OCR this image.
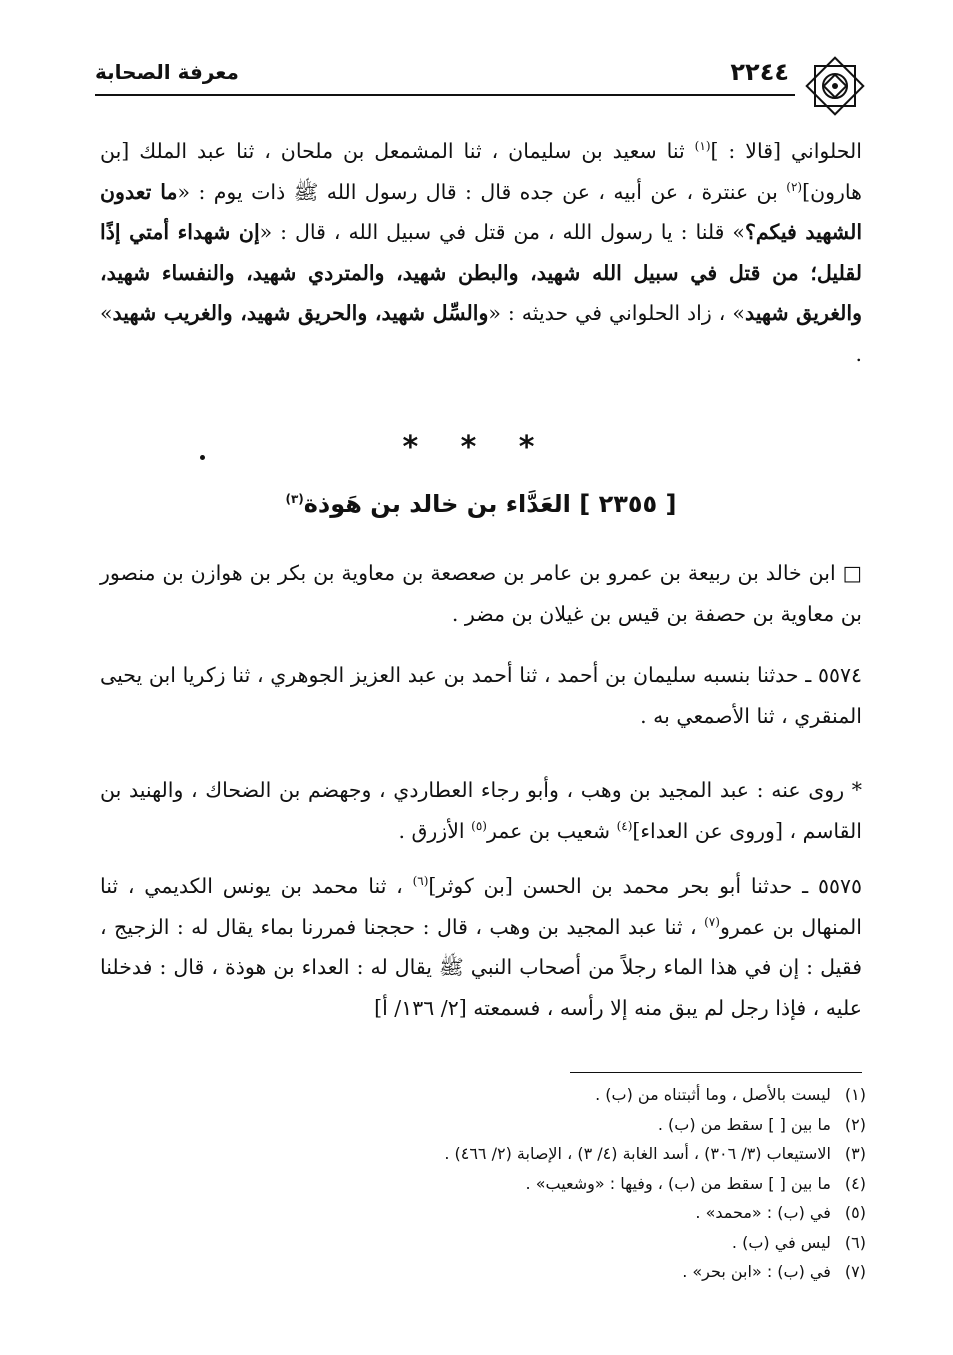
٢٢٤٤
معرفة الصحابة

الحلواني [قالا : ]$^{(١)}$ ثنا سعيد بن سليمان ، ثنا المشمعل بن ملحان ، ثنا عبد الملك [بن هارون]$^{(٢)}$ بن عنترة ، عن أبيه ، عن جده قال : قال رسول الله ﷺ ذات يوم : «ما تعدون الشهيد فيكم؟» قلنا : يا رسول الله ، من قتل في سبيل الله ، قال : «إن شهداء أمتي إذًا لقليل؛ من قتل في سبيل الله شهيد، والبطن شهيد، والمتردي شهيد، والنفساء شهيد، والغريق شهيد» ، زاد الحلواني في حديثه : «والسِّل شهيد، والحريق شهيد، والغريب شهيد» .

* * *
[ ٢٣٥٥ ] العَدَّاء بن خالد بن هَوذة$^{(٣)}$

□ ابن خالد بن ربيعة بن عمرو بن عامر بن صعصعة بن معاوية بن بكر بن هوازن بن منصور بن معاوية بن حصفة بن قيس بن غيلان بن مضر .

٥٥٧٤ ـ حدثنا بنسبه سليمان بن أحمد ، ثنا أحمد بن عبد العزيز الجوهري ، ثنا زكريا ابن يحيى المنقري ، ثنا الأصمعي به .

* روى عنه : عبد المجيد بن وهب ، وأبو رجاء العطاردي ، وجهضم بن الضحاك ، والهنيد بن القاسم ، [وروى عن العداء]$^{(٤)}$ شعيب بن عمر$^{(٥)}$ الأزرق .

٥٥٧٥ ـ حدثنا أبو بحر محمد بن الحسن [بن كوثر]$^{(٦)}$ ، ثنا محمد بن يونس الكديمي ، ثنا المنهال بن عمرو$^{(٧)}$ ، ثنا عبد المجيد بن وهب ، قال : حججنا فمررنا بماء يقال له : الزجيج ، فقيل : إن في هذا الماء رجلاً من أصحاب النبي ﷺ يقال له : العداء بن هوذة ، قال : فدخلنا عليه ، فإذا رجل لم يبق منه إلا رأسه ، فسمعته [٢/ ١٣٦/ أ]

(١) ليست بالأصل ، وما أثبتناه من (ب) .
(٢) ما بين [ ] سقط من (ب) .
(٣) الاستيعاب (٣/ ٣٠٦) ، أسد الغابة (٤/ ٣) ، الإصابة (٢/ ٤٦٦) .
(٤) ما بين [ ] سقط من (ب) ، وفيها : «وشعيب» .
(٥) في (ب) : «محمد» .
(٦) ليس في (ب) .
(٧) في (ب) : «ابن بحر» .
